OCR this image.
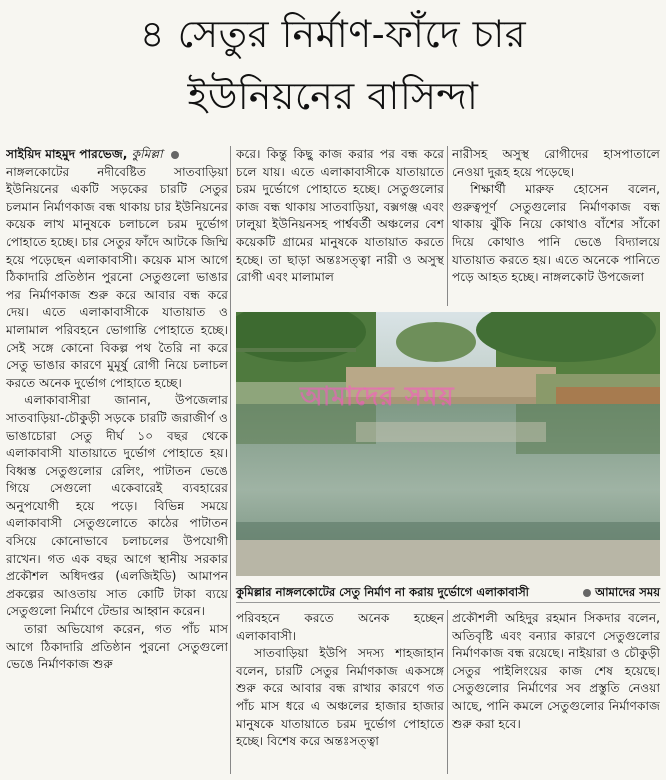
৪ সেতুর নির্মাণ-ফাঁদে চার
ইউনিয়নের বাসিন্দা

সাইয়িদ মাহমুদ পারভেজ, কুমিল্লা

নাঙ্গলকোটের নদীবেষ্টিত সাতবাড়িয়া ইউনিয়নের একটি সড়কের চারটি সেতুর চলমান নির্মাণকাজ বন্ধ থাকায় চার ইউনিয়নের কয়েক লাখ মানুষকে চলাচলে চরম দুর্ভোগ পোহাতে হচ্ছে। চার সেতুর ফাঁদে আটকে জিম্মি হয়ে পড়েছেন এলাকাবাসী। কয়েক মাস আগে ঠিকাদারি প্রতিষ্ঠান পুরনো সেতুগুলো ভাঙার পর নির্মাণকাজ শুরু করে আবার বন্ধ করে দেয়। এতে এলাকাবাসীকে যাতায়াত ও মালামাল পরিবহনে ভোগান্তি পোহাতে হচ্ছে। সেই সঙ্গে কোনো বিকল্প পথ তৈরি না করে সেতু ভাঙার কারণে মুমূর্ষু রোগী নিয়ে চলাচল করতে অনেক দুর্ভোগ পোহাতে হচ্ছে।

এলাকাবাসীরা জানান, উপজেলার সাতবাড়িয়া-চৌকুড়ী সড়কে চারটি জরাজীর্ণ ও ভাঙাচোরা সেতু দীর্ঘ ১০ বছর থেকে এলাকাবাসী যাতায়াতে দুর্ভোগ পোহাতে হয়। বিধ্বস্ত সেতুগুলোর রেলিং, পাটাতন ভেঙে গিয়ে সেগুলো একেবারেই ব্যবহারের অনুপযোগী হয়ে পড়ে। বিভিন্ন সময়ে এলাকাবাসী সেতুগুলোতে কাঠের পাটাতন বসিয়ে কোনোভাবে চলাচলের উপযোগী রাখেন। গত এক বছর আগে স্থানীয় সরকার প্রকৌশল অধিদপ্তর (এলজিইডি) আমাপন প্রকল্পের আওতায় সাত কোটি টাকা ব্যয়ে সেতুগুলো নির্মাণে টেন্ডার আহ্বান করেন।

তারা অভিযোগ করেন, গত পাঁচ মাস আগে ঠিকাদারি প্রতিষ্ঠান পুরনো সেতুগুলো ভেঙে নির্মাণকাজ শুরু

করে। কিন্তু কিছু কাজ করার পর বন্ধ করে চলে যায়। এতে এলাকাবাসীকে যাতায়াতে চরম দুর্ভোগে পোহাতে হচ্ছে। সেতুগুলোর কাজ বন্ধ থাকায় সাতবাড়িয়া, বক্সগঞ্জ এবং ঢালুয়া ইউনিয়নসহ পার্শ্ববর্তী অঞ্চলের বেশ কয়েকটি গ্রামের মানুষকে যাতায়াত করতে হচ্ছে। তা ছাড়া অন্তঃসত্ত্বা নারী ও অসুস্থ রোগী এবং মালামাল

নারীসহ অসুস্থ রোগীদের হাসপাতালে নেওয়া দুরূহ হয়ে পড়েছে।

শিক্ষার্থী মারুফ হোসেন বলেন, গুরুত্বপূর্ণ সেতুগুলোর নির্মাণকাজ বন্ধ থাকায় ঝুঁকি নিয়ে কোথাও বাঁশের সাঁকো দিয়ে কোথাও পানি ভেঙে বিদ্যালয়ে যাতায়াত করতে হয়। এতে অনেকে পানিতে পড়ে আহত হচ্ছে। নাঙ্গলকোট উপজেলা

আমাদের সময়
কুমিল্লার নাঙ্গলকোটের সেতু নির্মাণ না করায় দুর্ভোগে এলাকাবাসী	আমাদের সময়

পরিবহনে করতে অনেক হচ্ছেন এলাকাবাসী।

সাতবাড়িয়া ইউপি সদস্য শাহজাহান বলেন, চারটি সেতুর নির্মাণকাজ একসঙ্গে শুরু করে আবার বন্ধ রাখার কারণে গত পাঁচ মাস ধরে এ অঞ্চলের হাজার হাজার মানুষকে যাতায়াতে চরম দুর্ভোগ পোহাতে হচ্ছে। বিশেষ করে অন্তঃসত্ত্বা

প্রকৌশলী অহিদুর রহমান সিকদার বলেন, অতিবৃষ্টি এবং বন্যার কারণে সেতুগুলোর নির্মাণকাজ বন্ধ রয়েছে। নাইয়ারা ও চৌকুড়ী সেতুর পাইলিংয়ের কাজ শেষ হয়েছে। সেতুগুলোর নির্মাণের সব প্রস্তুতি নেওয়া আছে, পানি কমলে সেতুগুলোর নির্মাণকাজ শুরু করা হবে।
